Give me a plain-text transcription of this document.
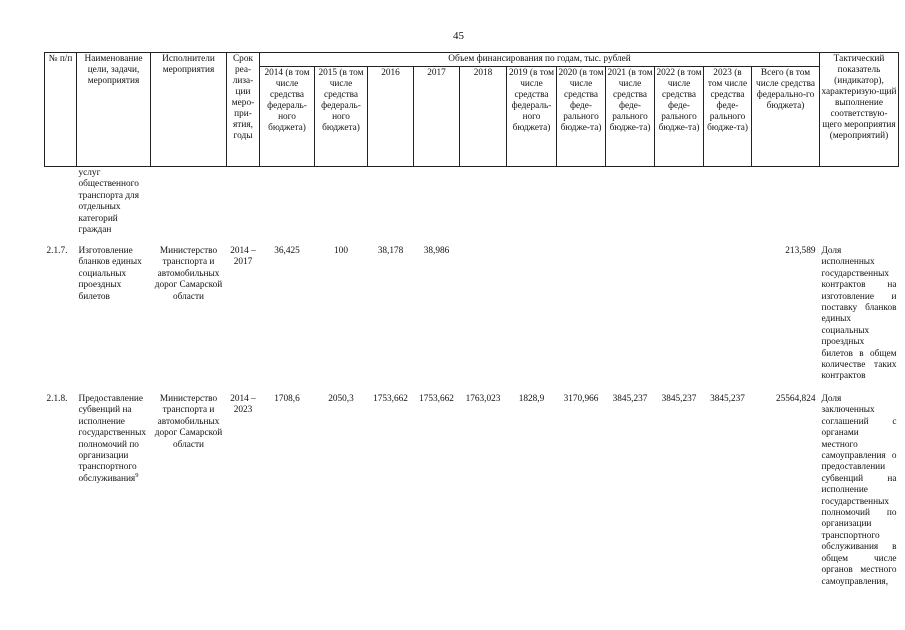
45
№ п/п	Наименование цели, задачи, мероприятия	Исполнители мероприятия	Срок реа-лиза-ции меро-при-ятия, годы	Объем финансирования по годам, тыс. рублей											Тактический показатель (индикатор), характеризую-щий выполнение соответствую-щего мероприятия (мероприятий)
				2014 (в том числе средства федераль-ного бюджета)	2015 (в том числе средства федераль-ного бюджета)	2016	2017	2018	2019 (в том числе средства федераль-ного бюджета)	2020 (в том числе средства феде-рального бюдже-та)	2021 (в том числе средства феде-рального бюдже-та)	2022 (в том числе средства феде-рального бюдже-та)	2023 (в том числе средства феде-рального бюдже-та)	Всего (в том числе средства федерально-го бюджета)	
	услуг общественного транспорта для отдельных категорий граждан														
2.1.7.	Изготовление бланков единых социальных проездных билетов	Министерство транспорта и автомобильных дорог Самарской области	2014 – 2017	36,425	100	38,178	38,986							213,589	Доля исполненных государственных контрактов на изготовление и поставку бланков единых социальных проездных билетов в общем количестве таких контрактов
2.1.8.	Предоставление субвенций на исполнение государственных полномочий по организации транспортного обслуживания$^9$	Министерство транспорта и автомобильных дорог Самарской области	2014 – 2023	1708,6	2050,3	1753,662	1753,662	1763,023	1828,9	3170,966	3845,237	3845,237	3845,237	25564,824	Доля заключенных соглашений с органами местного самоуправления о предоставлении субвенций на исполнение государственных полномочий по организации транспортного обслуживания в общем числе органов местного самоуправления,
